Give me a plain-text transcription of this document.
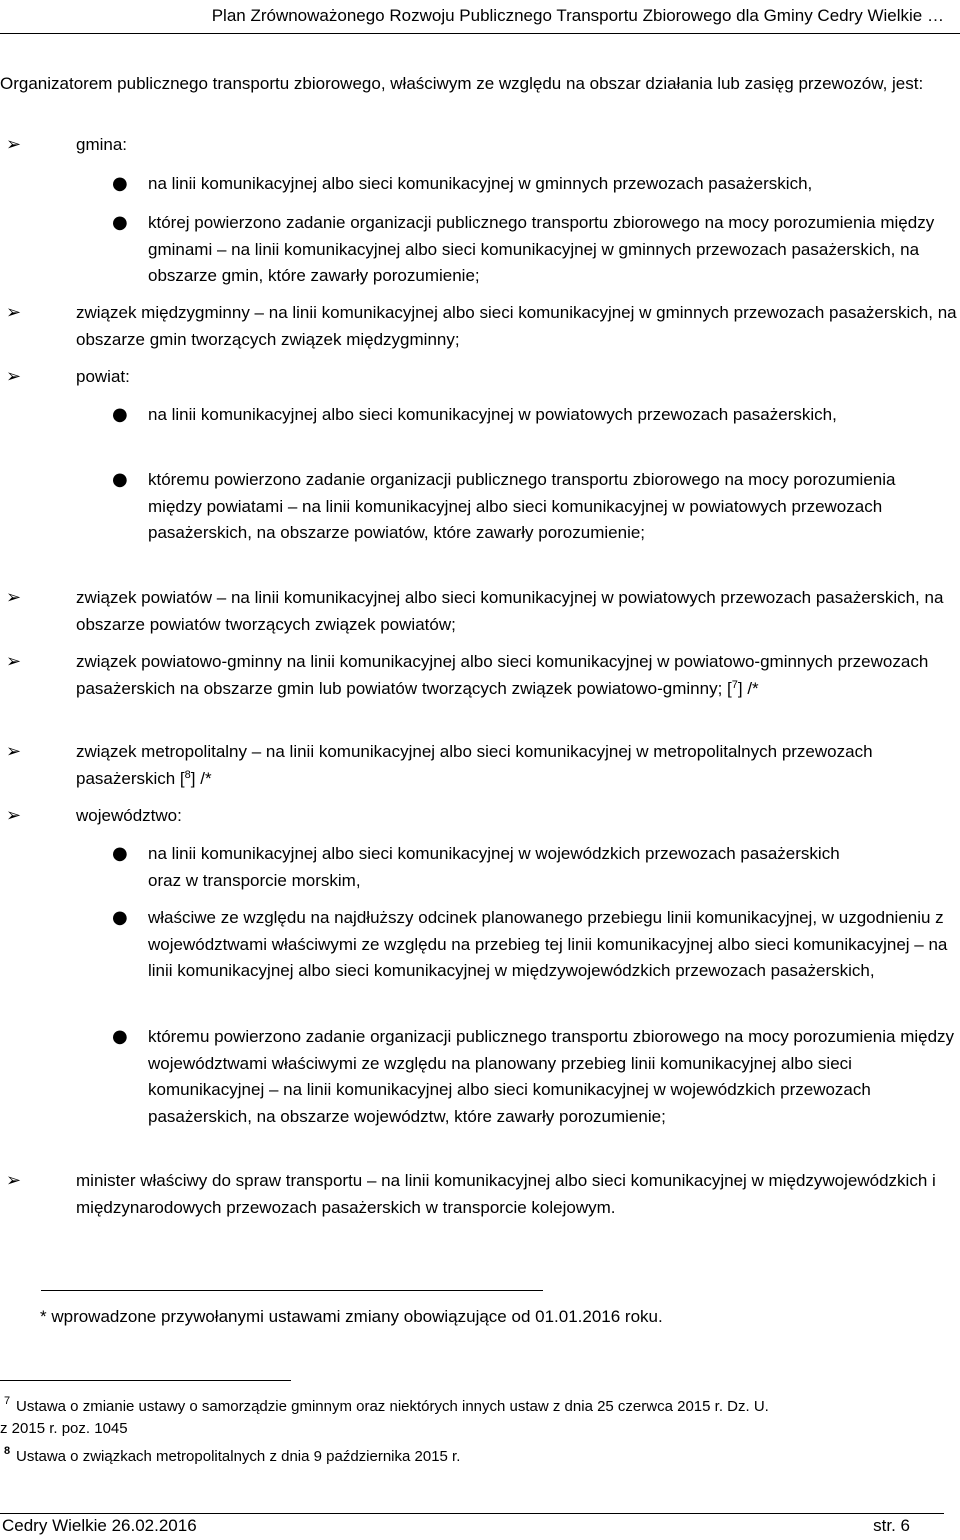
Plan Zrównoważonego Rozwoju Publicznego Transportu Zbiorowego dla Gminy Cedry Wielkie …
Organizatorem publicznego transportu zbiorowego, właściwym ze względu na obszar działania lub zasięg przewozów, jest:
➢	gmina:
● na linii komunikacyjnej albo sieci komunikacyjnej w gminnych przewozach pasażerskich,
● której powierzono zadanie organizacji publicznego transportu zbiorowego na mocy porozumienia między gminami – na linii komunikacyjnej albo sieci komunikacyjnej w gminnych przewozach pasażerskich, na obszarze gmin, które zawarły porozumienie;
➢	związek międzygminny – na linii komunikacyjnej albo sieci komunikacyjnej w gminnych przewozach pasażerskich, na obszarze gmin tworzących związek międzygminny;
➢	powiat:
● na linii komunikacyjnej albo sieci komunikacyjnej w powiatowych przewozach pasażerskich,
● któremu powierzono zadanie organizacji publicznego transportu zbiorowego na mocy porozumienia między powiatami – na linii komunikacyjnej albo sieci komunikacyjnej w powiatowych przewozach pasażerskich, na obszarze powiatów, które zawarły porozumienie;
➢	związek powiatów – na linii komunikacyjnej albo sieci komunikacyjnej w powiatowych przewozach pasażerskich, na obszarze powiatów tworzących związek powiatów;
➢	związek powiatowo-gminny na linii komunikacyjnej albo sieci komunikacyjnej w powiatowo-gminnych przewozach pasażerskich na obszarze gmin lub powiatów tworzących związek powiatowo-gminny; [$^7$] /*
➢	związek metropolitalny – na linii komunikacyjnej albo sieci komunikacyjnej w metropolitalnych przewozach pasażerskich [$^8$] /*
➢	województwo:
● na linii komunikacyjnej albo sieci komunikacyjnej w wojewódzkich przewozach pasażerskich oraz w transporcie morskim,
● właściwe ze względu na najdłuższy odcinek planowanego przebiegu linii komunikacyjnej, w uzgodnieniu z województwami właściwymi ze względu na przebieg tej linii komunikacyjnej albo sieci komunikacyjnej – na linii komunikacyjnej albo sieci komunikacyjnej w międzywojewódzkich przewozach pasażerskich,
● któremu powierzono zadanie organizacji publicznego transportu zbiorowego na mocy porozumienia między województwami właściwymi ze względu na planowany przebieg linii komunikacyjnej albo sieci komunikacyjnej – na linii komunikacyjnej albo sieci komunikacyjnej w wojewódzkich przewozach pasażerskich, na obszarze województw, które zawarły porozumienie;
➢	minister właściwy do spraw transportu – na linii komunikacyjnej albo sieci komunikacyjnej w międzywojewódzkich i międzynarodowych przewozach pasażerskich w transporcie kolejowym.
* wprowadzone przywołanymi ustawami zmiany obowiązujące od 01.01.2016 roku.
7 Ustawa o zmianie ustawy o samorządzie gminnym oraz niektórych innych ustaw z dnia 25 czerwca 2015 r. Dz. U.
z 2015 r. poz. 1045
8 Ustawa o związkach metropolitalnych z dnia 9 października 2015 r.
Cedry Wielkie 26.02.2016	str. 6
